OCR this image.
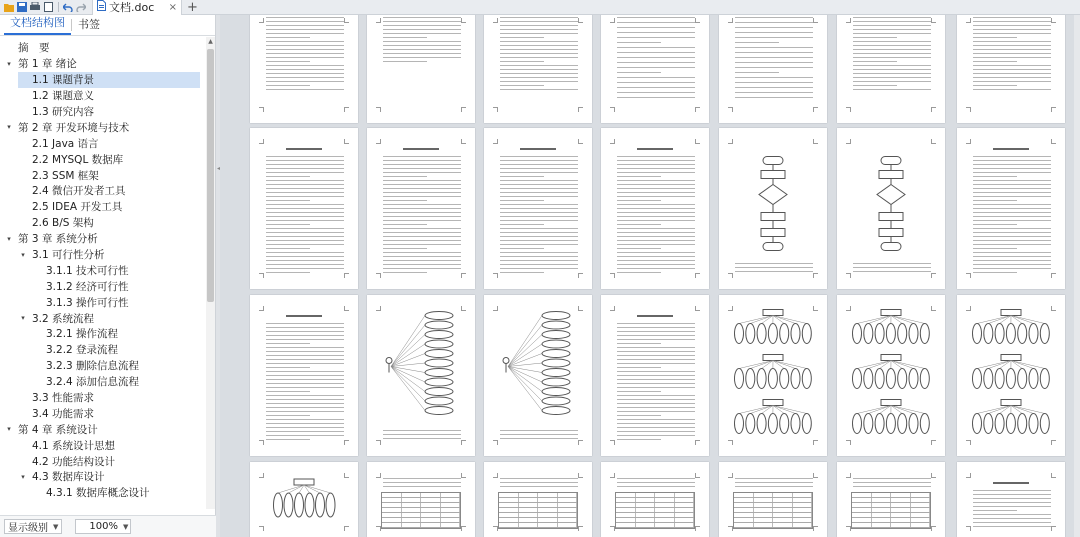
文档.doc	× +
文档结构图	书签
摘　要
▾ 第 1 章 绪论
1.1 课题背景
1.2 课题意义
1.3 研究内容
▾ 第 2 章 开发环境与技术
2.1 Java 语言
2.2 MYSQL 数据库
2.3 SSM 框架
2.4 微信开发者工具
2.5 IDEA 开发工具
2.6 B/S 架构
▾ 第 3 章 系统分析
▾ 3.1 可行性分析
3.1.1 技术可行性
3.1.2 经济可行性
3.1.3 操作可行性
▾ 3.2 系统流程
3.2.1 操作流程
3.2.2 登录流程
3.2.3 删除信息流程
3.2.4 添加信息流程
3.3 性能需求
3.4 功能需求
▾ 第 4 章 系统设计
4.1 系统设计思想
4.2 功能结构设计
▾ 4.3 数据库设计
4.3.1 数据库概念设计
▲
显示级别 ▼	100% ▼
◂
